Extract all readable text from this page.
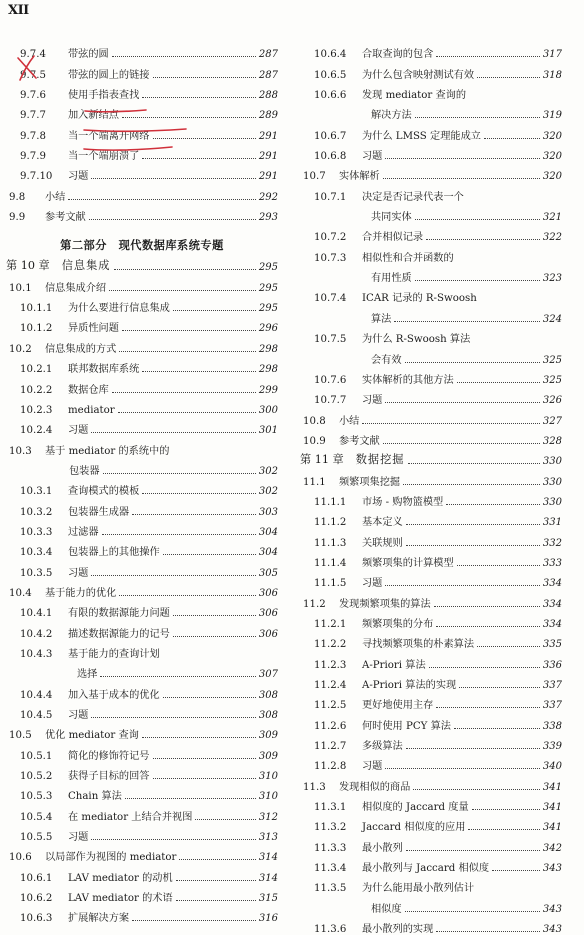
XII
9.7.4	带弦的圆	287
9.7.5	带弦的圆上的链接	287
9.7.6	使用手指表查找	288
9.7.7	加入新结点	289
9.7.8	当一个端离开网络	291
9.7.9	当一个端崩溃了	291
9.7.10	习题	291
9.8	小结	292
9.9	参考文献	293
第二部分　现代数据库系统专题
第 10 章 信息集成	295
10.1	信息集成介绍	295
10.1.1	为什么要进行信息集成	295
10.1.2	异质性问题	296
10.2	信息集成的方式	298
10.2.1	联邦数据库系统	298
10.2.2	数据仓库	299
10.2.3	mediator	300
10.2.4	习题	301
10.3	基于 mediator 的系统中的
包装器	302
10.3.1	查询模式的模板	302
10.3.2	包装器生成器	303
10.3.3	过滤器	304
10.3.4	包装器上的其他操作	304
10.3.5	习题	305
10.4	基于能力的优化	306
10.4.1	有限的数据源能力问题	306
10.4.2	描述数据源能力的记号	306
10.4.3	基于能力的查询计划
选择	307
10.4.4	加入基于成本的优化	308
10.4.5	习题	308
10.5	优化 mediator 查询	309
10.5.1	简化的修饰符记号	309
10.5.2	获得子目标的回答	310
10.5.3	Chain 算法	310
10.5.4	在 mediator 上结合并视图	312
10.5.5	习题	313
10.6	以局部作为视图的 mediator	314
10.6.1	LAV mediator 的动机	314
10.6.2	LAV mediator 的术语	315
10.6.3	扩展解决方案	316
10.6.4	合取查询的包含	317
10.6.5	为什么包含映射测试有效	318
10.6.6	发现 mediator 查询的
解决方法	319
10.6.7	为什么 LMSS 定理能成立	320
10.6.8	习题	320
10.7	实体解析	320
10.7.1	决定是否记录代表一个
共同实体	321
10.7.2	合并相似记录	322
10.7.3	相似性和合并函数的
有用性质	323
10.7.4	ICAR 记录的 R-Swoosh
算法	324
10.7.5	为什么 R-Swoosh 算法
会有效	325
10.7.6	实体解析的其他方法	325
10.7.7	习题	326
10.8	小结	327
10.9	参考文献	328
第 11 章 数据挖掘	330
11.1	频繁项集挖掘	330
11.1.1	市场 - 购物篮模型	330
11.1.2	基本定义	331
11.1.3	关联规则	332
11.1.4	频繁项集的计算模型	333
11.1.5	习题	334
11.2	发现频繁项集的算法	334
11.2.1	频繁项集的分布	334
11.2.2	寻找频繁项集的朴素算法	335
11.2.3	A-Priori 算法	336
11.2.4	A-Priori 算法的实现	337
11.2.5	更好地使用主存	337
11.2.6	何时使用 PCY 算法	338
11.2.7	多级算法	339
11.2.8	习题	340
11.3	发现相似的商品	341
11.3.1	相似度的 Jaccard 度量	341
11.3.2	Jaccard 相似度的应用	341
11.3.3	最小散列	342
11.3.4	最小散列与 Jaccard 相似度	343
11.3.5	为什么能用最小散列估计
相似度	343
11.3.6	最小散列的实现	343
